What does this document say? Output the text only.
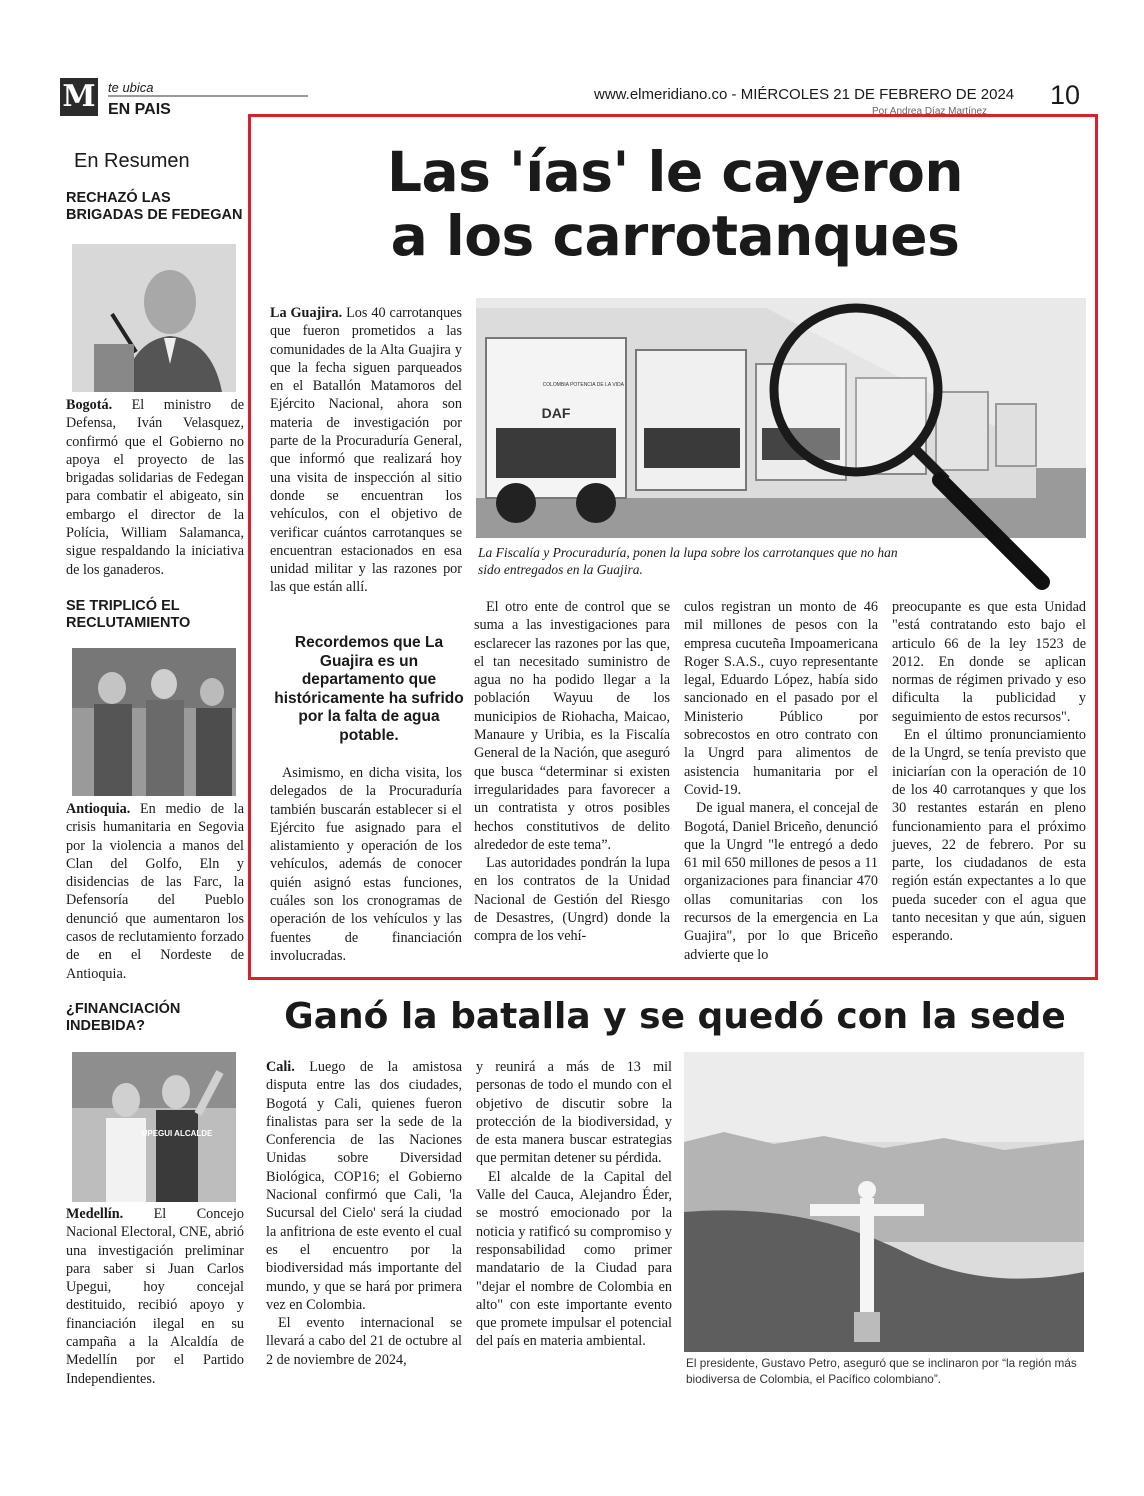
M te ubica
EN PAIS
www.elmeridiano.co - MIÉRCOLES 21 DE FEBRERO DE 2024 10
Por Andrea Díaz Martínez
En Resumen
RECHAZÓ LAS BRIGADAS DE FEDEGAN
Bogotá. El ministro de Defensa, Iván Velasquez, confirmó que el Gobierno no apoya el proyecto de las brigadas solidarias de Fedegan para combatir el abigeato, sin embargo el director de la Polícia, William Salamanca, sigue respaldando la iniciativa de los ganaderos.
SE TRIPLICÓ EL RECLUTAMIENTO
Antioquia. En medio de la crisis humanitaria en Segovia por la violencia a manos del Clan del Golfo, Eln y disidencias de las Farc, la Defensoría del Pueblo denunció que aumentaron los casos de reclutamiento forzado de en el Nordeste de Antioquia.
¿FINANCIACIÓN INDEBIDA?
UPEGUI ALCALDE
Medellín. El Concejo Nacional Electoral, CNE, abrió una investigación preliminar para saber si Juan Carlos Upegui, hoy concejal destituido, recibió apoyo y financiación ilegal en su campaña a la Alcaldía de Medellín por el Partido Independientes.
Las 'ías' le cayeron
a los carrotanques
DAF
COLOMBIA POTENCIA DE LA VIDA
La Fiscalía y Procuraduría, ponen la lupa sobre los carrotanques que no han sido entregados en la Guajira.
La Guajira. Los 40 carrotanques que fueron prometidos a las comunidades de la Alta Guajira y que la fecha siguen parqueados en el Batallón Matamoros del Ejército Nacional, ahora son materia de investigación por parte de la Procuraduría General, que informó que realizará hoy una visita de inspección al sitio donde se encuentran los vehículos, con el objetivo de verificar cuántos carrotanques se encuentran estacionados en esa unidad militar y las razones por las que están allí.
Recordemos que La Guajira es un departamento que históricamente ha sufrido por la falta de agua potable.
Asimismo, en dicha visita, los delegados de la Procuraduría también buscarán establecer si el Ejército fue asignado para el alistamiento y operación de los vehículos, además de conocer quién asignó estas funciones, cuáles son los cronogramas de operación de los vehículos y las fuentes de financiación involucradas.

El otro ente de control que se suma a las investigaciones para esclarecer las razones por las que, el tan necesitado suministro de agua no ha podido llegar a la población Wayuu de los municipios de Riohacha, Maicao, Manaure y Uribia, es la Fiscalía General de la Nación, que aseguró que busca “determinar si existen irregularidades para favorecer a un contratista y otros posibles hechos constitutivos de delito alrededor de este tema”.

Las autoridades pondrán la lupa en los contratos de la Unidad Nacional de Gestión del Riesgo de Desastres, (Ungrd) donde la compra de los vehí-

culos registran un monto de 46 mil millones de pesos con la empresa cucuteña Impoamericana Roger S.A.S., cuyo representante legal, Eduardo López, había sido sancionado en el pasado por el Ministerio Público por sobrecostos en otro contrato con la Ungrd para alimentos de asistencia humanitaria por el Covid-19.

De igual manera, el concejal de Bogotá, Daniel Briceño, denunció que la Ungrd "le entregó a dedo 61 mil 650 millones de pesos a 11 organizaciones para financiar 470 ollas comunitarias con los recursos de la emergencia en La Guajira", por lo que Briceño advierte que lo

preocupante es que esta Unidad "está contratando esto bajo el articulo 66 de la ley 1523 de 2012. En donde se aplican normas de régimen privado y eso dificulta la publicidad y seguimiento de estos recursos".

En el último pronunciamiento de la Ungrd, se tenía previsto que iniciarían con la operación de 10 de los 40 carrotanques y que los 30 restantes estarán en pleno funcionamiento para el próximo jueves, 22 de febrero. Por su parte, los ciudadanos de esta región están expectantes a lo que pueda suceder con el agua que tanto necesitan y que aún, siguen esperando.

Ganó la batalla y se quedó con la sede

Cali. Luego de la amistosa disputa entre las dos ciudades, Bogotá y Cali, quienes fueron finalistas para ser la sede de la Conferencia de las Naciones Unidas sobre Diversidad Biológica, COP16; el Gobierno Nacional confirmó que Cali, 'la Sucursal del Cielo' será la ciudad la anfitriona de este evento el cual es el encuentro por la biodiversidad más importante del mundo, y que se hará por primera vez en Colombia.

El evento internacional se llevará a cabo del 21 de octubre al 2 de noviembre de 2024,

y reunirá a más de 13 mil personas de todo el mundo con el objetivo de discutir sobre la protección de la biodiversidad, y de esta manera buscar estrategias que permitan detener su pérdida.

El alcalde de la Capital del Valle del Cauca, Alejandro Éder, se mostró emocionado por la noticia y ratificó su compromiso y responsabilidad como primer mandatario de la Ciudad para "dejar el nombre de Colombia en alto" con este importante evento que promete impulsar el potencial del país en materia ambiental.

El presidente, Gustavo Petro, aseguró que se inclinaron por “la región más biodiversa de Colombia, el Pacífico colombiano”.
